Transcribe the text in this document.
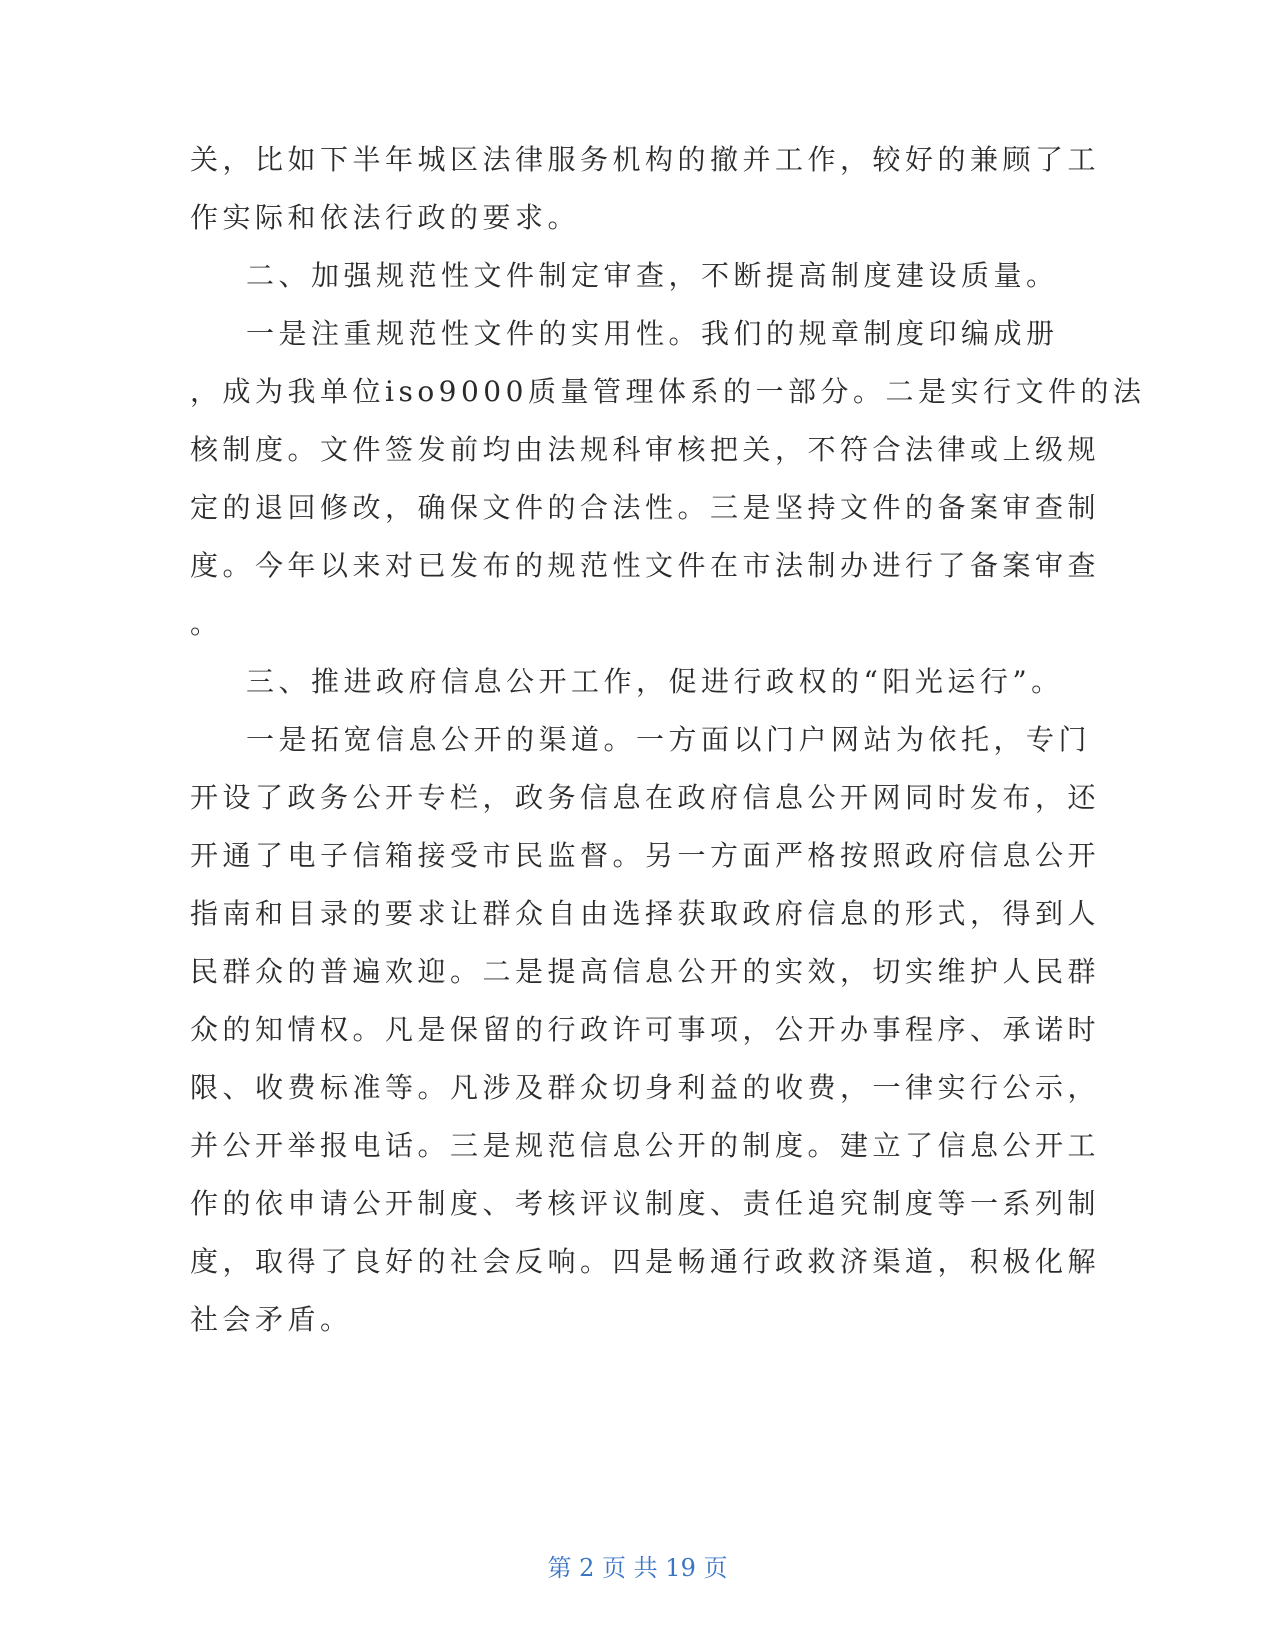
关，比如下半年城区法律服务机构的撤并工作，较好的兼顾了工
作实际和依法行政的要求。
二、加强规范性文件制定审查，不断提高制度建设质量。
一是注重规范性文件的实用性。我们的规章制度印编成册
，成为我单位iso9000质量管理体系的一部分。二是实行文件的法
核制度。文件签发前均由法规科审核把关，不符合法律或上级规
定的退回修改，确保文件的合法性。三是坚持文件的备案审查制
度。今年以来对已发布的规范性文件在市法制办进行了备案审查
。
三、推进政府信息公开工作，促进行政权的“阳光运行”。
一是拓宽信息公开的渠道。一方面以门户网站为依托，专门
开设了政务公开专栏，政务信息在政府信息公开网同时发布，还
开通了电子信箱接受市民监督。另一方面严格按照政府信息公开
指南和目录的要求让群众自由选择获取政府信息的形式，得到人
民群众的普遍欢迎。二是提高信息公开的实效，切实维护人民群
众的知情权。凡是保留的行政许可事项，公开办事程序、承诺时
限、收费标准等。凡涉及群众切身利益的收费，一律实行公示，
并公开举报电话。三是规范信息公开的制度。建立了信息公开工
作的依申请公开制度、考核评议制度、责任追究制度等一系列制
度，取得了良好的社会反响。四是畅通行政救济渠道，积极化解
社会矛盾。
第 2 页 共 19 页
